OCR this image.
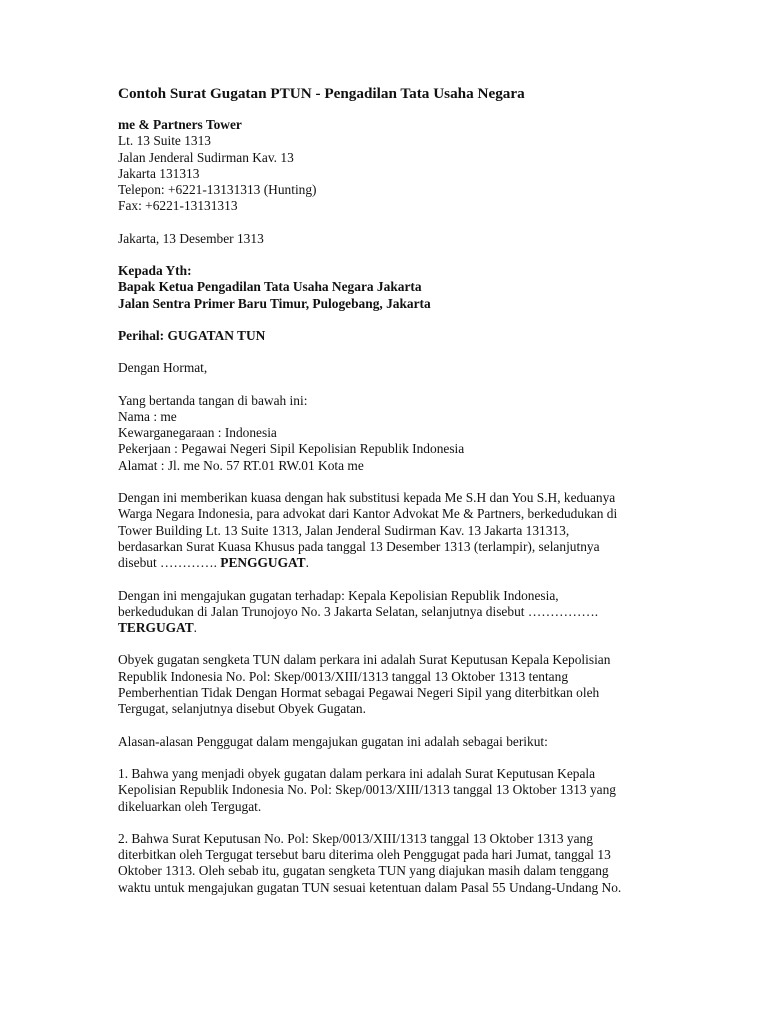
Contoh Surat Gugatan PTUN - Pengadilan Tata Usaha Negara
me & Partners Tower
Lt. 13 Suite 1313
Jalan Jenderal Sudirman Kav. 13
Jakarta 131313
Telepon: +6221-13131313 (Hunting)
Fax: +6221-13131313
Jakarta, 13 Desember 1313
Kepada Yth:
Bapak Ketua Pengadilan Tata Usaha Negara Jakarta
Jalan Sentra Primer Baru Timur, Pulogebang, Jakarta
Perihal: GUGATAN TUN
Dengan Hormat,
Yang bertanda tangan di bawah ini:
Nama : me
Kewarganegaraan : Indonesia
Pekerjaan : Pegawai Negeri Sipil Kepolisian Republik Indonesia
Alamat : Jl. me No. 57 RT.01 RW.01 Kota me
Dengan ini memberikan kuasa dengan hak substitusi kepada Me S.H dan You S.H, keduanya
Warga Negara Indonesia, para advokat dari Kantor Advokat Me & Partners, berkedudukan di
Tower Building Lt. 13 Suite 1313, Jalan Jenderal Sudirman Kav. 13 Jakarta 131313,
berdasarkan Surat Kuasa Khusus pada tanggal 13 Desember 1313 (terlampir), selanjutnya
disebut …………. PENGGUGAT.
Dengan ini mengajukan gugatan terhadap: Kepala Kepolisian Republik Indonesia,
berkedudukan di Jalan Trunojoyo No. 3 Jakarta Selatan, selanjutnya disebut …………….
TERGUGAT.
Obyek gugatan sengketa TUN dalam perkara ini adalah Surat Keputusan Kepala Kepolisian
Republik Indonesia No. Pol: Skep/0013/XIII/1313 tanggal 13 Oktober 1313 tentang
Pemberhentian Tidak Dengan Hormat sebagai Pegawai Negeri Sipil yang diterbitkan oleh
Tergugat, selanjutnya disebut Obyek Gugatan.
Alasan-alasan Penggugat dalam mengajukan gugatan ini adalah sebagai berikut:
1. Bahwa yang menjadi obyek gugatan dalam perkara ini adalah Surat Keputusan Kepala
Kepolisian Republik Indonesia No. Pol: Skep/0013/XIII/1313 tanggal 13 Oktober 1313 yang
dikeluarkan oleh Tergugat.
2. Bahwa Surat Keputusan No. Pol: Skep/0013/XIII/1313 tanggal 13 Oktober 1313 yang
diterbitkan oleh Tergugat tersebut baru diterima oleh Penggugat pada hari Jumat, tanggal 13
Oktober 1313. Oleh sebab itu, gugatan sengketa TUN yang diajukan masih dalam tenggang
waktu untuk mengajukan gugatan TUN sesuai ketentuan dalam Pasal 55 Undang-Undang No.
